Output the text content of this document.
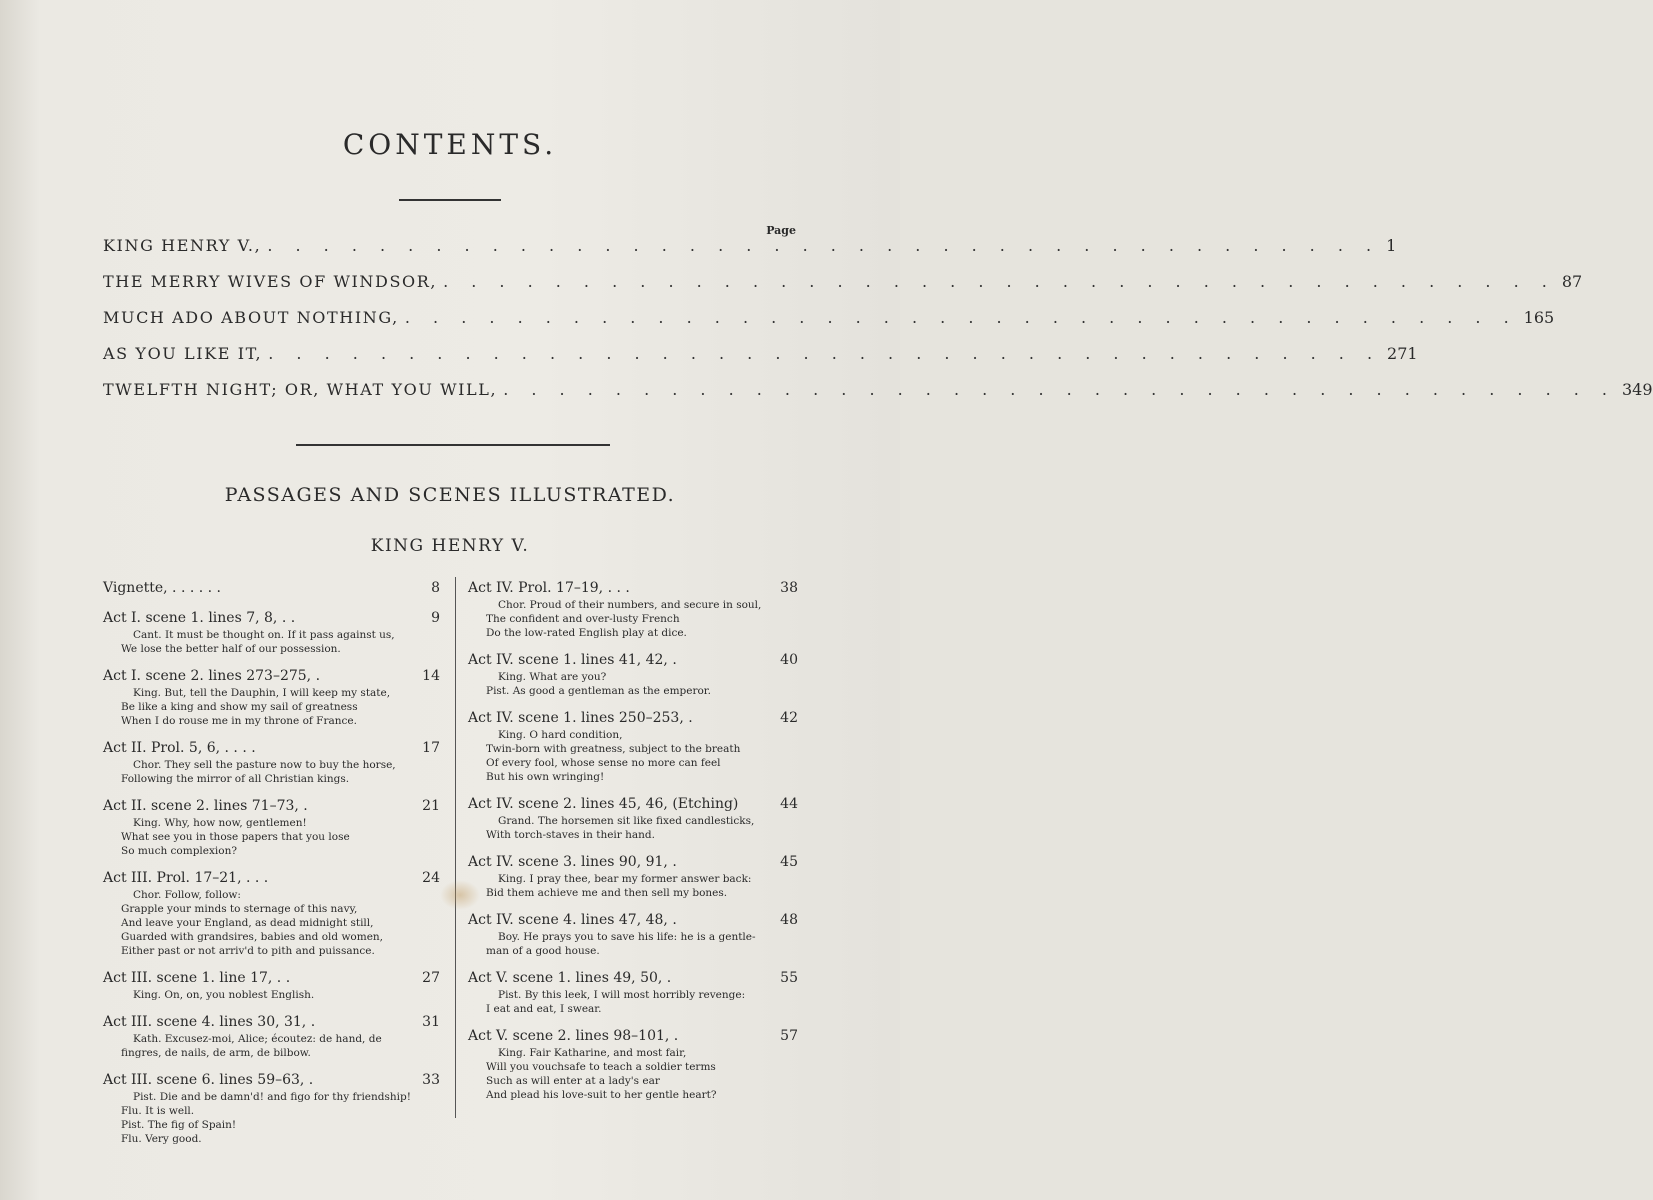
CONTENTS.
Page
KING HENRY V., . . . . . . . . . . . . . . . . . . . . . . . . . . . . . . . . . . . . . . . . 1
THE MERRY WIVES OF WINDSOR, . . . . . . . . . . . . . . . . . . . . . . . . . . . . . . . . . . . . . . . . 87
MUCH ADO ABOUT NOTHING, . . . . . . . . . . . . . . . . . . . . . . . . . . . . . . . . . . . . . . . . 165
AS YOU LIKE IT, . . . . . . . . . . . . . . . . . . . . . . . . . . . . . . . . . . . . . . . . 271
TWELFTH NIGHT; OR, WHAT YOU WILL, . . . . . . . . . . . . . . . . . . . . . . . . . . . . . . . . . . . . . . . . 349
PASSAGES AND SCENES ILLUSTRATED.
KING HENRY V.
Vignette, . . . . . .	8
Act I. scene 1. lines 7, 8, . .	9
Cant. It must be thought on. If it pass against us,
We lose the better half of our possession.
Act I. scene 2. lines 273–275, .	14
King. But, tell the Dauphin, I will keep my state,
Be like a king and show my sail of greatness
When I do rouse me in my throne of France.
Act II. Prol. 5, 6, . . . .	17
Chor. They sell the pasture now to buy the horse,
Following the mirror of all Christian kings.
Act II. scene 2. lines 71–73, .	21
King. Why, how now, gentlemen!
What see you in those papers that you lose
So much complexion?
Act III. Prol. 17–21, . . .	24
Chor. Follow, follow:
Grapple your minds to sternage of this navy,
And leave your England, as dead midnight still,
Guarded with grandsires, babies and old women,
Either past or not arriv'd to pith and puissance.
Act III. scene 1. line 17, . .	27
King. On, on, you noblest English.
Act III. scene 4. lines 30, 31, .	31
Kath. Excusez-moi, Alice; écoutez: de hand, de
fingres, de nails, de arm, de bilbow.
Act III. scene 6. lines 59–63, .	33
Pist. Die and be damn'd! and figo for thy friendship!
Flu. It is well.
Pist. The fig of Spain!
Flu. Very good.
Act IV. Prol. 17–19, . . .	38
Chor. Proud of their numbers, and secure in soul,
The confident and over-lusty French
Do the low-rated English play at dice.
Act IV. scene 1. lines 41, 42, .	40
King. What are you?
Pist. As good a gentleman as the emperor.
Act IV. scene 1. lines 250–253, .	42
King. O hard condition,
Twin-born with greatness, subject to the breath
Of every fool, whose sense no more can feel
But his own wringing!
Act IV. scene 2. lines 45, 46, (Etching)	44
Grand. The horsemen sit like fixed candlesticks,
With torch-staves in their hand.
Act IV. scene 3. lines 90, 91, .	45
King. I pray thee, bear my former answer back:
Bid them achieve me and then sell my bones.
Act IV. scene 4. lines 47, 48, .	48
Boy. He prays you to save his life: he is a gentle-
man of a good house.
Act V. scene 1. lines 49, 50, .	55
Pist. By this leek, I will most horribly revenge:
I eat and eat, I swear.
Act V. scene 2. lines 98–101, .	57
King. Fair Katharine, and most fair,
Will you vouchsafe to teach a soldier terms
Such as will enter at a lady's ear
And plead his love-suit to her gentle heart?
